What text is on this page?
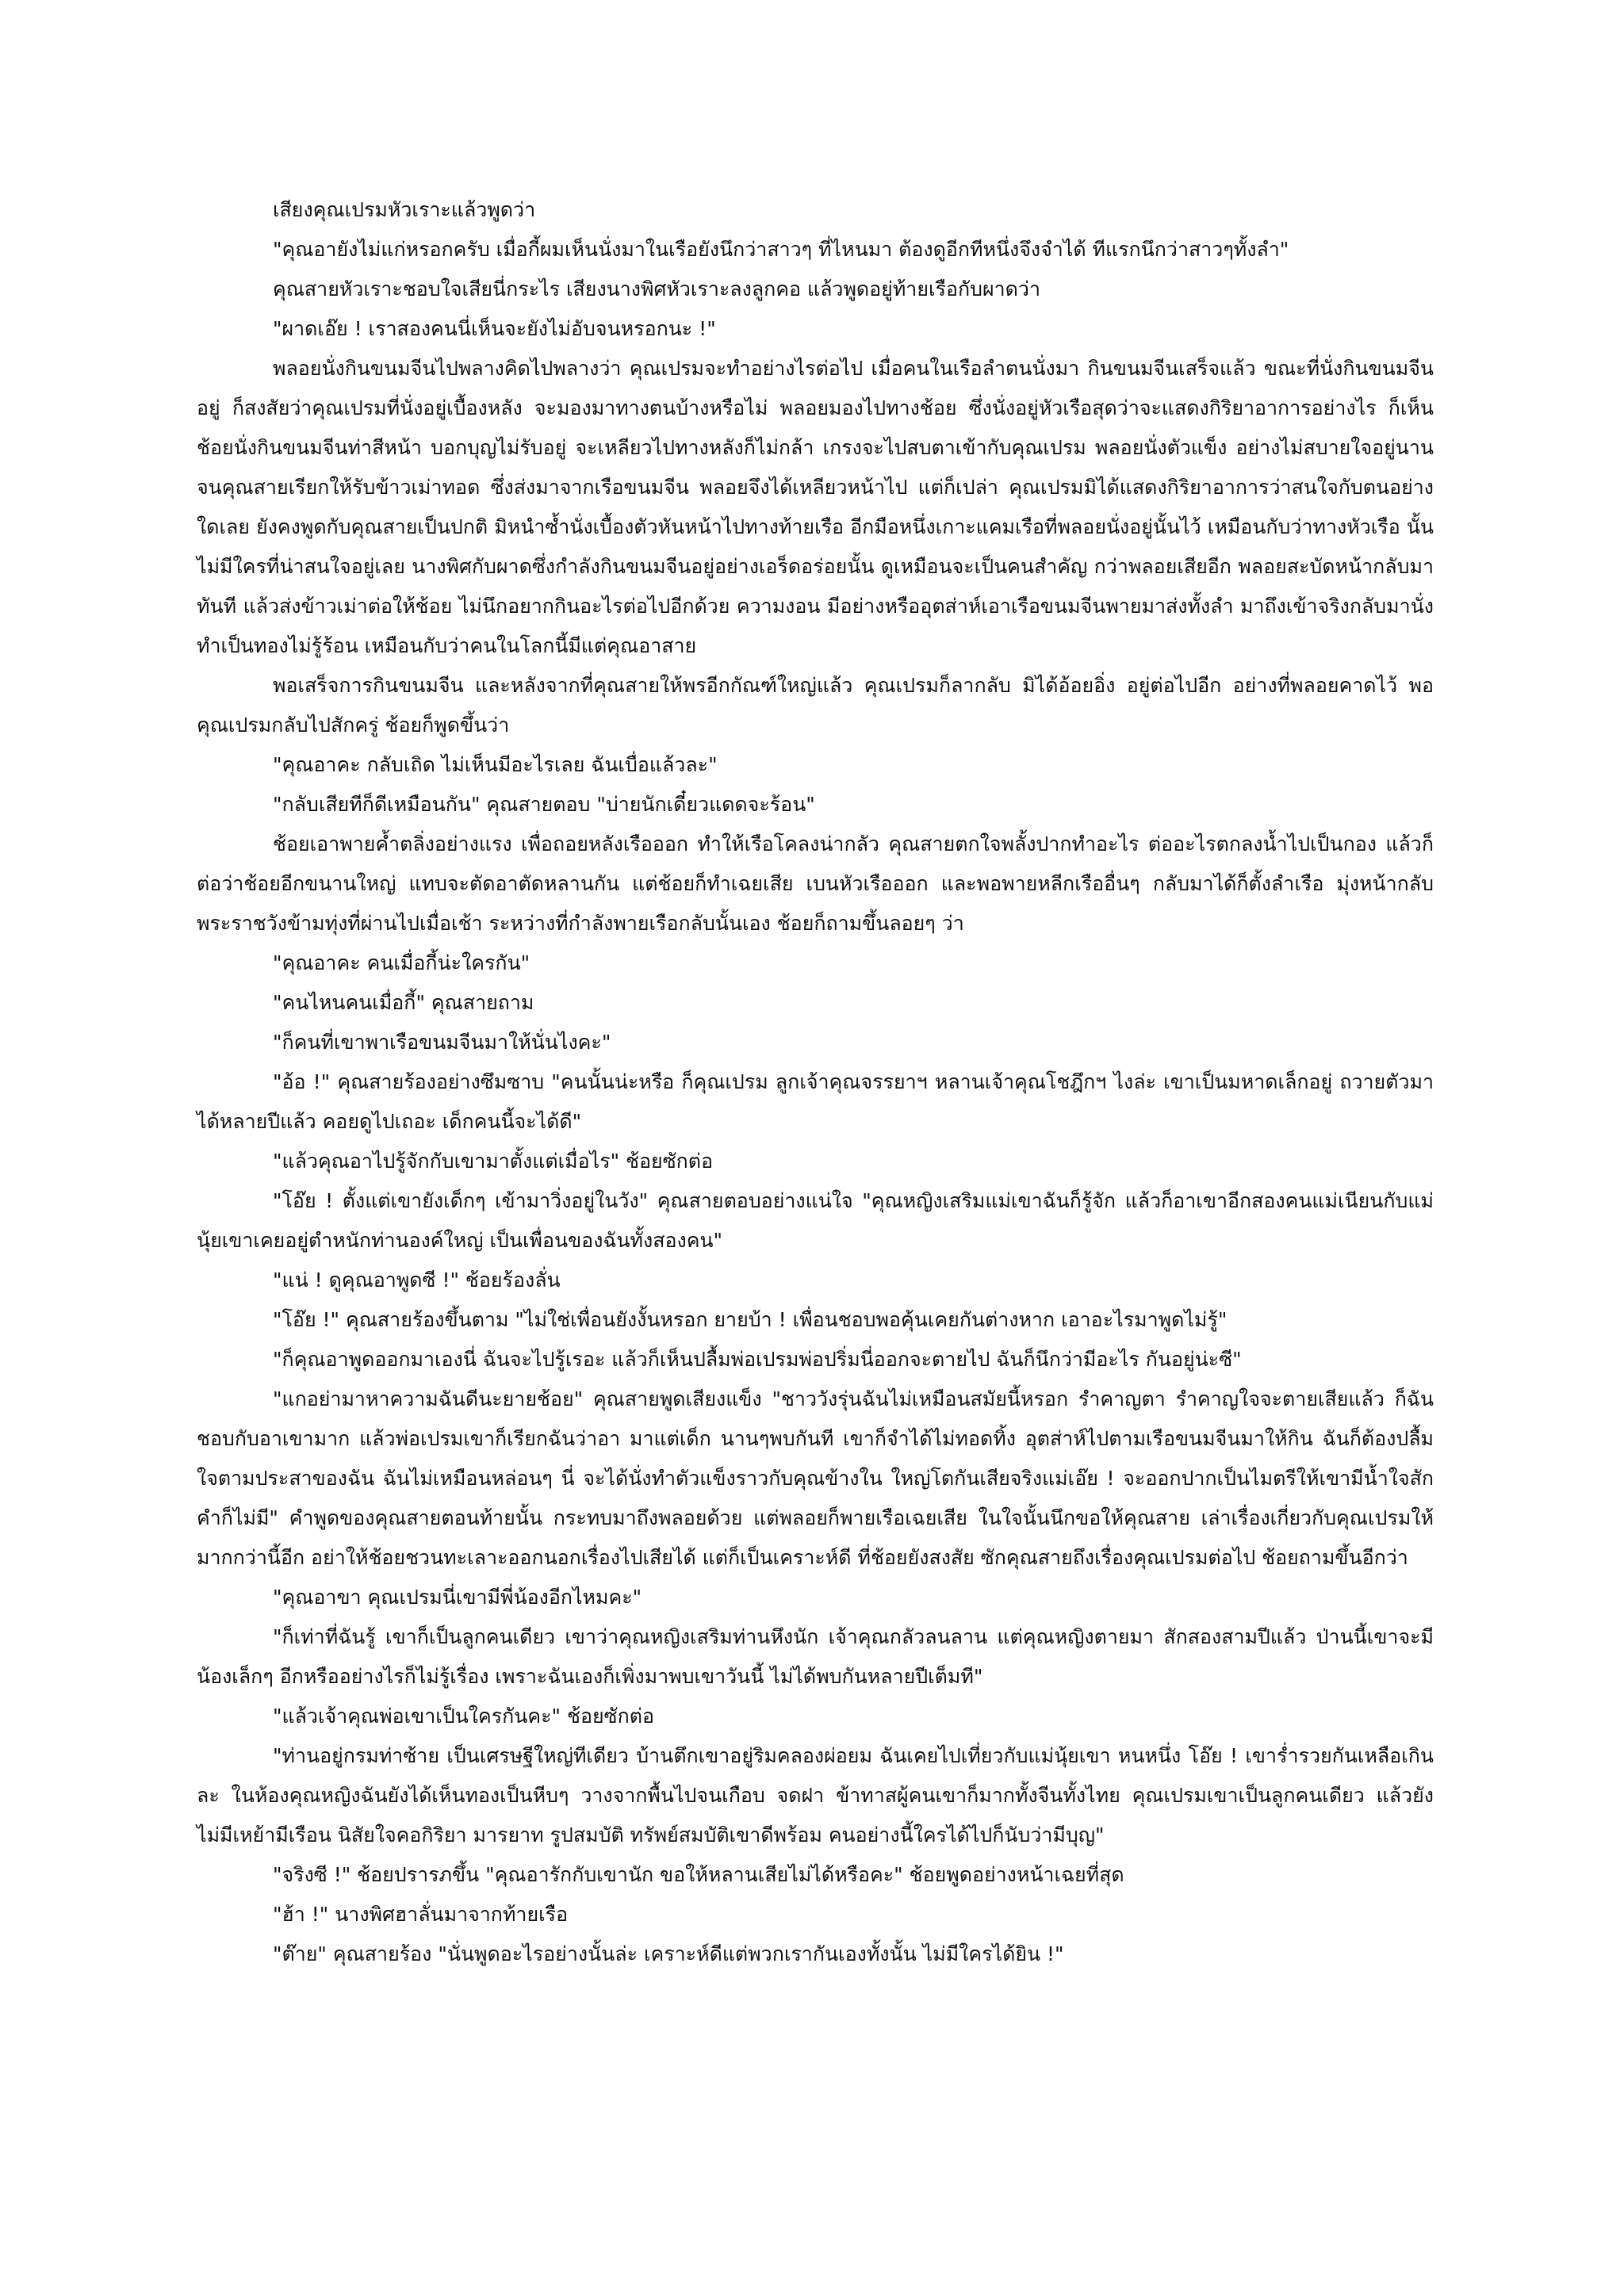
เสียงคุณเปรมหัวเราะแล้วพูดว่า

"คุณอายังไม่แก่หรอกครับ เมื่อกี้ผมเห็นนั่งมาในเรือยังนึกว่าสาวๆ ที่ไหนมา ต้องดูอีกทีหนึ่งจึงจำได้ ทีแรกนึกว่าสาวๆทั้งลำ"

คุณสายหัวเราะชอบใจเสียนี่กระไร เสียงนางพิศหัวเราะลงลูกคอ แล้วพูดอยู่ท้ายเรือกับผาดว่า

"ผาดเอ๊ย ! เราสองคนนี่เห็นจะยังไม่อับจนหรอกนะ !"

พลอยนั่งกินขนมจีนไปพลางคิดไปพลางว่า คุณเปรมจะทำอย่างไรต่อไป เมื่อคนในเรือลำตนนั่งมา กินขนมจีนเสร็จแล้ว ขณะที่นั่งกินขนมจีนอยู่ ก็สงสัยว่าคุณเปรมที่นั่งอยู่เบื้องหลัง จะมองมาทางตนบ้างหรือไม่ พลอยมองไปทางช้อย ซึ่งนั่งอยู่หัวเรือสุดว่าจะแสดงกิริยาอาการอย่างไร ก็เห็นช้อยนั่งกินขนมจีนท่าสีหน้า บอกบุญไม่รับอยู่ จะเหลียวไปทางหลังก็ไม่กล้า เกรงจะไปสบตาเข้ากับคุณเปรม พลอยนั่งตัวแข็ง อย่างไม่สบายใจอยู่นาน จนคุณสายเรียกให้รับข้าวเม่าทอด ซึ่งส่งมาจากเรือขนมจีน พลอยจึงได้เหลียวหน้าไป แต่ก็เปล่า คุณเปรมมิได้แสดงกิริยาอาการว่าสนใจกับตนอย่างใดเลย ยังคงพูดกับคุณสายเป็นปกติ มิหนำซ้ำนั่งเบื้องตัวหันหน้าไปทางท้ายเรือ อีกมือหนึ่งเกาะแคมเรือที่พลอยนั่งอยู่นั้นไว้ เหมือนกับว่าทางหัวเรือ นั้นไม่มีใครที่น่าสนใจอยู่เลย นางพิศกับผาดซึ่งกำลังกินขนมจีนอยู่อย่างเอร็ดอร่อยนั้น ดูเหมือนจะเป็นคนสำคัญ กว่าพลอยเสียอีก พลอยสะบัดหน้ากลับมาทันที แล้วส่งข้าวเม่าต่อให้ช้อย ไม่นึกอยากกินอะไรต่อไปอีกด้วย ความงอน มีอย่างหรืออุตส่าห์เอาเรือขนมจีนพายมาส่งทั้งลำ มาถึงเข้าจริงกลับมานั่งทำเป็นทองไม่รู้ร้อน เหมือนกับว่าคนในโลกนี้มีแต่คุณอาสาย

พอเสร็จการกินขนมจีน และหลังจากที่คุณสายให้พรอีกกัณฑ์ใหญ่แล้ว คุณเปรมก็ลากลับ มิได้อ้อยอิ่ง อยู่ต่อไปอีก อย่างที่พลอยคาดไว้ พอคุณเปรมกลับไปสักครู่ ช้อยก็พูดขึ้นว่า

"คุณอาคะ กลับเถิด ไม่เห็นมีอะไรเลย ฉันเบื่อแล้วละ"

"กลับเสียทีก็ดีเหมือนกัน" คุณสายตอบ "บ่ายนักเดี๋ยวแดดจะร้อน"

ช้อยเอาพายค้ำตลิ่งอย่างแรง เพื่อถอยหลังเรือออก ทำให้เรือโคลงน่ากลัว คุณสายตกใจพลั้งปากทำอะไร ต่ออะไรตกลงน้ำไปเป็นกอง แล้วก็ต่อว่าช้อยอีกขนานใหญ่ แทบจะตัดอาตัดหลานกัน แต่ช้อยก็ทำเฉยเสีย เบนหัวเรือออก และพอพายหลีกเรืออื่นๆ กลับมาได้ก็ตั้งลำเรือ มุ่งหน้ากลับพระราชวังข้ามทุ่งที่ผ่านไปเมื่อเช้า ระหว่างที่กำลังพายเรือกลับนั้นเอง ช้อยก็ถามขึ้นลอยๆ ว่า

"คุณอาคะ คนเมื่อกี้น่ะใครกัน"

"คนไหนคนเมื่อกี้" คุณสายถาม

"ก็คนที่เขาพาเรือขนมจีนมาให้นั่นไงคะ"

"อ้อ !" คุณสายร้องอย่างซึมซาบ "คนนั้นน่ะหรือ ก็คุณเปรม ลูกเจ้าคุณจรรยาฯ หลานเจ้าคุณโชฎึกฯ ไงล่ะ เขาเป็นมหาดเล็กอยู่ ถวายตัวมาได้หลายปีแล้ว คอยดูไปเถอะ เด็กคนนี้จะได้ดี"

"แล้วคุณอาไปรู้จักกับเขามาตั้งแต่เมื่อไร" ช้อยซักต่อ

"โอ๊ย ! ตั้งแต่เขายังเด็กๆ เข้ามาวิ่งอยู่ในวัง" คุณสายตอบอย่างแน่ใจ "คุณหญิงเสริมแม่เขาฉันก็รู้จัก แล้วก็อาเขาอีกสองคนแม่เนียนกับแม่นุ้ยเขาเคยอยู่ตำหนักท่านองค์ใหญ่ เป็นเพื่อนของฉันทั้งสองคน"

"แน่ ! ดูคุณอาพูดซี !" ช้อยร้องลั่น

"โอ๊ย !" คุณสายร้องขึ้นตาม "ไม่ใช่เพื่อนยังงั้นหรอก ยายบ้า ! เพื่อนชอบพอคุ้นเคยกันต่างหาก เอาอะไรมาพูดไม่รู้"

"ก็คุณอาพูดออกมาเองนี่ ฉันจะไปรู้เรอะ แล้วก็เห็นปลื้มพ่อเปรมพ่อปริ่มนี่ออกจะตายไป ฉันก็นึกว่ามีอะไร กันอยู่น่ะซี"

"แกอย่ามาหาความฉันดีนะยายช้อย" คุณสายพูดเสียงแข็ง "ชาววังรุ่นฉันไม่เหมือนสมัยนี้หรอก รำคาญตา รำคาญใจจะตายเสียแล้ว ก็ฉันชอบกับอาเขามาก แล้วพ่อเปรมเขาก็เรียกฉันว่าอา มาแต่เด็ก นานๆพบกันที เขาก็จำได้ไม่ทอดทิ้ง อุตส่าห์ไปตามเรือขนมจีนมาให้กิน ฉันก็ต้องปลื้มใจตามประสาของฉัน ฉันไม่เหมือนหล่อนๆ นี่ จะได้นั่งทำตัวแข็งราวกับคุณข้างใน ใหญ่โตกันเสียจริงแม่เอ๊ย ! จะออกปากเป็นไมตรีให้เขามีน้ำใจสักคำก็ไม่มี" คำพูดของคุณสายตอนท้ายนั้น กระทบมาถึงพลอยด้วย แต่พลอยก็พายเรือเฉยเสีย ในใจนั้นนึกขอให้คุณสาย เล่าเรื่องเกี่ยวกับคุณเปรมให้มากกว่านี้อีก อย่าให้ช้อยชวนทะเลาะออกนอกเรื่องไปเสียได้ แต่ก็เป็นเคราะห์ดี ที่ช้อยยังสงสัย ซักคุณสายถึงเรื่องคุณเปรมต่อไป ช้อยถามขึ้นอีกว่า

"คุณอาขา คุณเปรมนี่เขามีพี่น้องอีกไหมคะ"

"ก็เท่าที่ฉันรู้ เขาก็เป็นลูกคนเดียว เขาว่าคุณหญิงเสริมท่านหึงนัก เจ้าคุณกลัวลนลาน แต่คุณหญิงตายมา สักสองสามปีแล้ว ป่านนี้เขาจะมีน้องเล็กๆ อีกหรืออย่างไรก็ไม่รู้เรื่อง เพราะฉันเองก็เพิ่งมาพบเขาวันนี้ ไม่ได้พบกันหลายปีเต็มที"

"แล้วเจ้าคุณพ่อเขาเป็นใครกันคะ" ช้อยซักต่อ

"ท่านอยู่กรมท่าซ้าย เป็นเศรษฐีใหญ่ทีเดียว บ้านตึกเขาอยู่ริมคลองผ่อยม ฉันเคยไปเที่ยวกับแม่นุ้ยเขา หนหนึ่ง โอ๊ย ! เขาร่ำรวยกันเหลือเกินละ ในห้องคุณหญิงฉันยังได้เห็นทองเป็นหีบๆ วางจากพื้นไปจนเกือบ จดฝา ข้าทาสผู้คนเขาก็มากทั้งจีนทั้งไทย คุณเปรมเขาเป็นลูกคนเดียว แล้วยังไม่มีเหย้ามีเรือน นิสัยใจคอกิริยา มารยาท รูปสมบัติ ทรัพย์สมบัติเขาดีพร้อม คนอย่างนี้ใครได้ไปก็นับว่ามีบุญ"

"จริงซี !" ช้อยปรารภขึ้น "คุณอารักกับเขานัก ขอให้หลานเสียไม่ได้หรือคะ" ช้อยพูดอย่างหน้าเฉยที่สุด

"ฮ้า !" นางพิศฮาลั่นมาจากท้ายเรือ

"ต๊าย" คุณสายร้อง "นั่นพูดอะไรอย่างนั้นล่ะ เคราะห์ดีแต่พวกเรากันเองทั้งนั้น ไม่มีใครได้ยิน !"
